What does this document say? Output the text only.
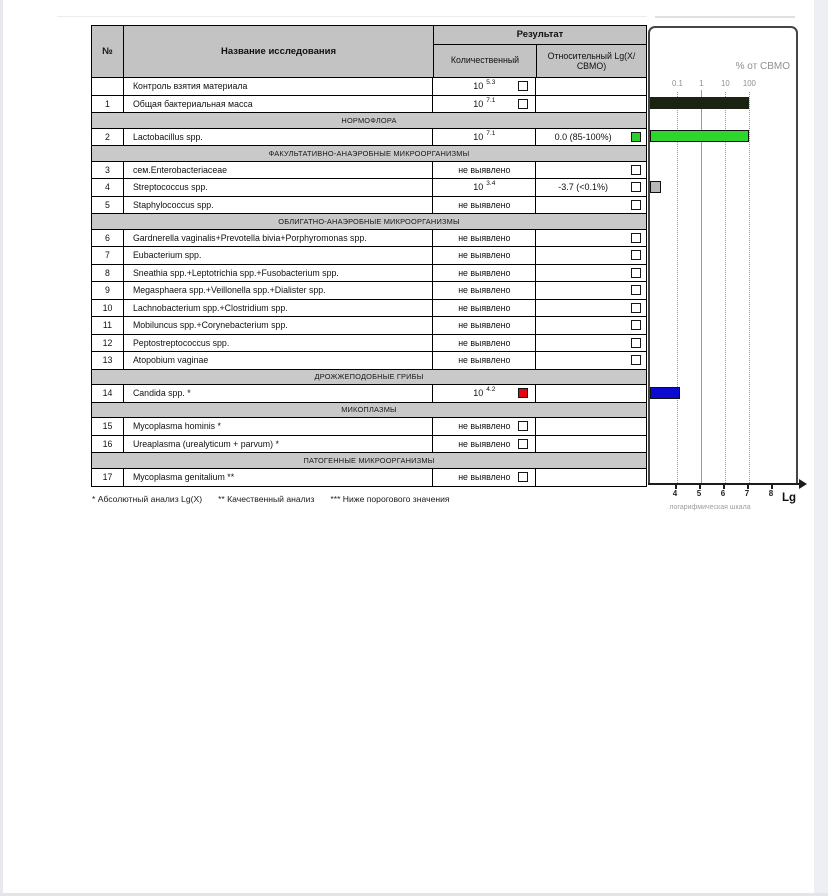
№	Название исследования
Результат
Количественный	Относительный Lg(X/СВМО)
Контроль взятия материала	10 5.3
1	Общая бактериальная масса	10 7.1
НОРМОФЛОРА
2	Lactobacillus spp.	10 7.1	0.0 (85-100%)
ФАКУЛЬТАТИВНО-АНАЭРОБНЫЕ МИКРООРГАНИЗМЫ
3	сем.Enterobacteriaceae	не выявлено
4	Streptococcus spp.	10 3.4	-3.7 (<0.1%)
5	Staphylococcus spp.	не выявлено
ОБЛИГАТНО-АНАЭРОБНЫЕ МИКРООРГАНИЗМЫ
6	Gardnerella vaginalis+Prevotella bivia+Porphyromonas spp.	не выявлено
7	Eubacterium spp.	не выявлено
8	Sneathia spp.+Leptotrichia spp.+Fusobacterium spp.	не выявлено
9	Megasphaera spp.+Veillonella spp.+Dialister spp.	не выявлено
10	Lachnobacterium spp.+Clostridium spp.	не выявлено
11	Mobiluncus spp.+Corynebacterium spp.	не выявлено
12	Peptostreptococcus spp.	не выявлено
13	Atopobium vaginae	не выявлено
ДРОЖЖЕПОДОБНЫЕ ГРИБЫ
14	Candida spp. *	10 4.2
МИКОПЛАЗМЫ
15	Mycoplasma hominis *	не выявлено
16	Ureaplasma (urealyticum + parvum) *	не выявлено
ПАТОГЕННЫЕ МИКРООРГАНИЗМЫ
17	Mycoplasma genitalium **	не выявлено
* Абсолютный анализ Lg(X) ** Качественный анализ *** Ниже порогового значения
% от СВМО
0.1	1	10	100
4	5	6	7	8 Lg
логарифмическая шкала
